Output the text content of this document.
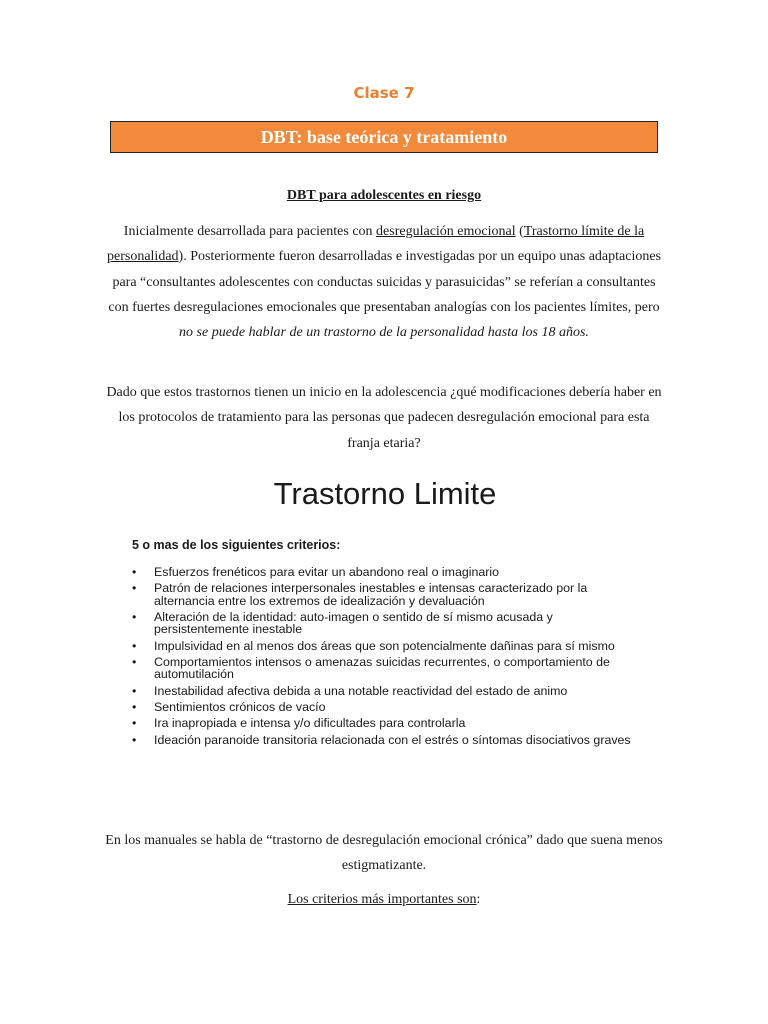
Clase 7
DBT: base teórica y tratamiento
DBT para adolescentes en riesgo
Inicialmente desarrollada para pacientes con desregulación emocional (Trastorno límite de la personalidad). Posteriormente fueron desarrolladas e investigadas por un equipo unas adaptaciones para “consultantes adolescentes con conductas suicidas y parasuicidas” se referían a consultantes con fuertes desregulaciones emocionales que presentaban analogías con los pacientes límites, pero no se puede hablar de un trastorno de la personalidad hasta los 18 años.
Dado que estos trastornos tienen un inicio en la adolescencia ¿qué modificaciones debería haber en los protocolos de tratamiento para las personas que padecen desregulación emocional para esta franja etaria?
Trastorno Limite
5 o mas de los siguientes criterios:
• Esfuerzos frenéticos para evitar un abandono real o imaginario
• Patrón de relaciones interpersonales inestables e intensas caracterizado por la alternancia entre los extremos de idealización y devaluación
• Alteración de la identidad: auto-imagen o sentido de sí mismo acusada y persistentemente inestable
• Impulsividad en al menos dos áreas que son potencialmente dañinas para sí mismo
• Comportamientos intensos o amenazas suicidas recurrentes, o comportamiento de automutilación
• Inestabilidad afectiva debida a una notable reactividad del estado de animo
• Sentimientos crónicos de vacío
• Ira inapropiada e intensa y/o dificultades para controlarla
• Ideación paranoide transitoria relacionada con el estrés o síntomas disociativos graves
En los manuales se habla de “trastorno de desregulación emocional crónica” dado que suena menos estigmatizante.
Los criterios más importantes son:
